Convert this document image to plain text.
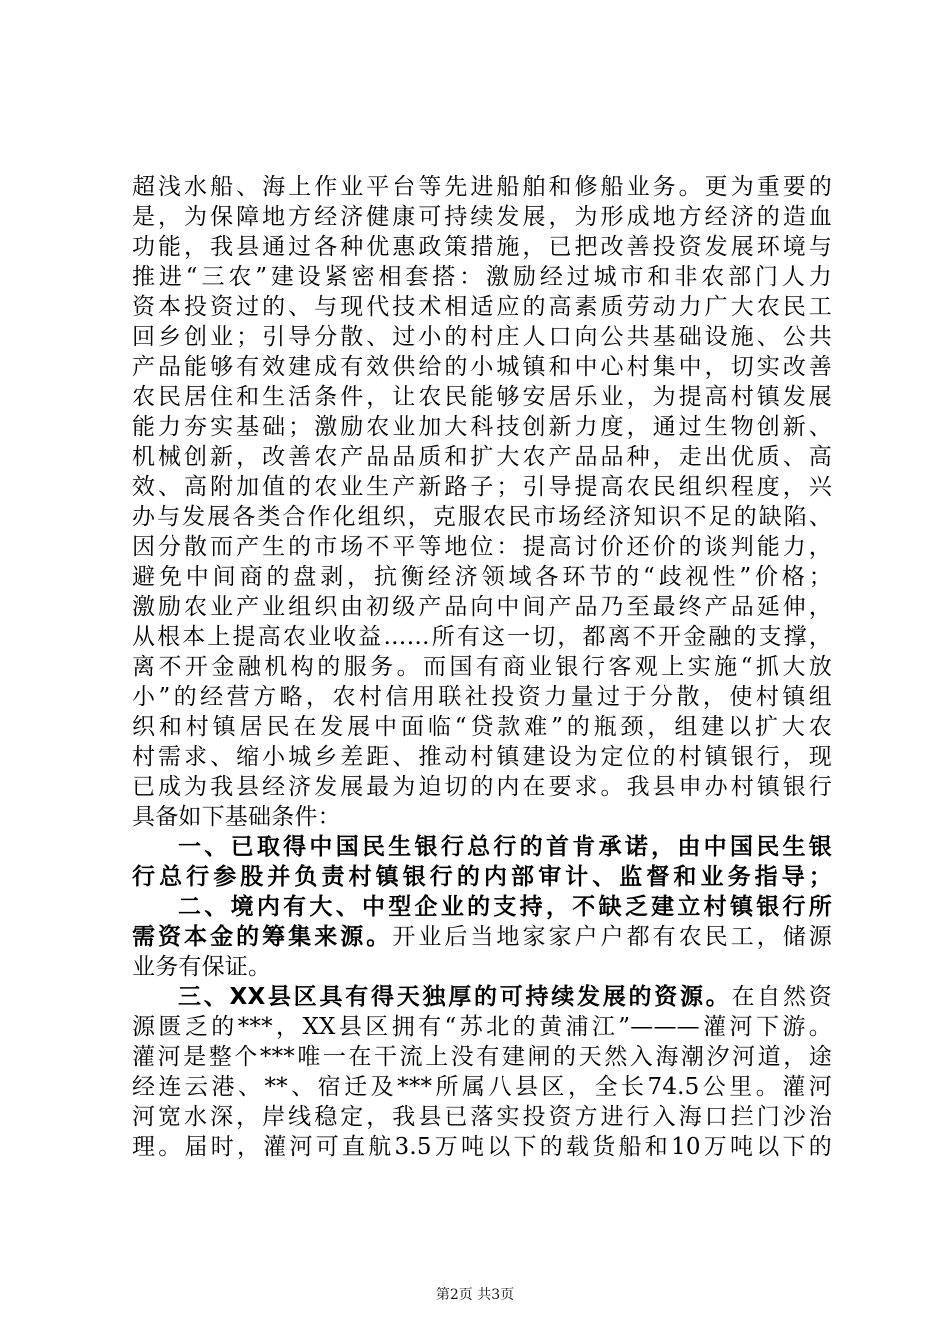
超浅水船、海上作业平台等先进船舶和修船业务。更为重要的
是，为保障地方经济健康可持续发展，为形成地方经济的造血
功能，我县通过各种优惠政策措施，已把改善投资发展环境与
推进“三农”建设紧密相套搭：激励经过城市和非农部门人力
资本投资过的、与现代技术相适应的高素质劳动力广大农民工
回乡创业；引导分散、过小的村庄人口向公共基础设施、公共
产品能够有效建成有效供给的小城镇和中心村集中，切实改善
农民居住和生活条件，让农民能够安居乐业，为提高村镇发展
能力夯实基础；激励农业加大科技创新力度，通过生物创新、
机械创新，改善农产品品质和扩大农产品品种，走出优质、高
效、高附加值的农业生产新路子；引导提高农民组织程度，兴
办与发展各类合作化组织，克服农民市场经济知识不足的缺陷、
因分散而产生的市场不平等地位：提高讨价还价的谈判能力，
避免中间商的盘剥，抗衡经济领域各环节的“歧视性”价格；
激励农业产业组织由初级产品向中间产品乃至最终产品延伸，
从根本上提高农业收益……所有这一切，都离不开金融的支撑，
离不开金融机构的服务。而国有商业银行客观上实施“抓大放
小”的经营方略，农村信用联社投资力量过于分散，使村镇组
织和村镇居民在发展中面临“贷款难”的瓶颈，组建以扩大农
村需求、缩小城乡差距、推动村镇建设为定位的村镇银行，现
已成为我县经济发展最为迫切的内在要求。我县申办村镇银行
具备如下基础条件：
一、已取得中国民生银行总行的首肯承诺，由中国民生银
行总行参股并负责村镇银行的内部审计、监督和业务指导；
二、境内有大、中型企业的支持，不缺乏建立村镇银行所
需资本金的筹集来源。开业后当地家家户户都有农民工，储源
业务有保证。
三、XX县区具有得天独厚的可持续发展的资源。在自然资
源匮乏的***，XX县区拥有“苏北的黄浦江”———灌河下游。
灌河是整个***唯一在干流上没有建闸的天然入海潮汐河道，途
经连云港、**、宿迁及***所属八县区，全长74.5公里。灌河
河宽水深，岸线稳定，我县已落实投资方进行入海口拦门沙治
理。届时，灌河可直航3.5万吨以下的载货船和10万吨以下的
第2页 共3页
